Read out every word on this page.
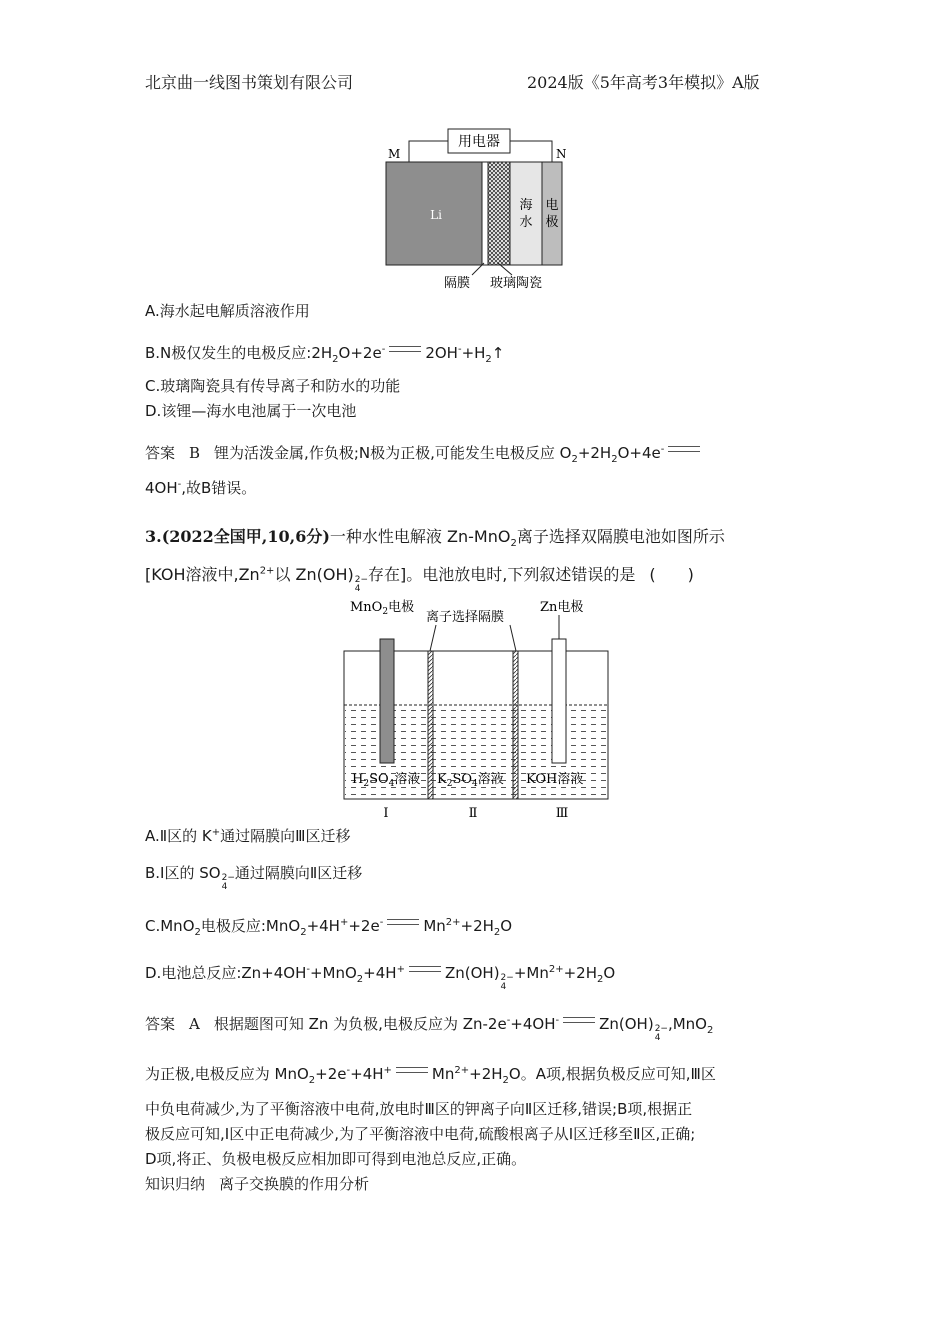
北京曲一线图书策划有限公司	2024版《5年高考3年模拟》A版
用电器
M	N
Li
海
水
电
极
隔膜 玻璃陶瓷
A.海水起电解质溶液作用
B.N极仅发生的电极反应$:2H_2O+2e^-$	$2OH^-+H_2↑$
C.玻璃陶瓷具有传导离子和防水的功能
D.该锂—海水电池属于一次电池
答案 B 锂为活泼金属,作负极;N极为正极,可能发生电极反应 $O_2+2H_2O+4e^-$
4OH-,故B错误。
3.(2022全国甲,10,6分)一种水性电解液 Zn-MnO$_2$离子选择双隔膜电池如图所示
[KOH溶液中$,Zn^{2+}$以 Zn(OH) 2−
4
存在]。电池放电时,下列叙述错误的是 (　　)
MnO$_2$电极
离子选择隔膜
Zn电极
$H_2SO_4$溶液 $K_2SO_4$溶液 KOH溶液
Ⅰ	Ⅱ	Ⅲ
A.Ⅱ区的 K+通过隔膜向Ⅲ区迁移
B.Ⅰ区的 SO 2−
4
通过隔膜向Ⅱ区迁移
C.MnO$_2$电极反应:MnO$_2$+4H++2e-	$Mn^{2+}+2H_2O$
D.电池总反应:Zn+4OH-+MnO$_2$+4H+	Zn(OH) 2−
4
$+Mn^{2+}+2H_2O$
答案 A 根据题图可知 Zn 为负极,电极反应为 Zn-2e-+4OH-	Zn(OH) 2−
4
,MnO$_2$
为正极,电极反应为 MnO$_2$+2e-+4H+	$Mn^{2+}+2H_2O$。A项,根据负极反应可知,Ⅲ区
中负电荷减少,为了平衡溶液中电荷,放电时Ⅲ区的钾离子向Ⅱ区迁移,错误;B项,根据正
极反应可知,Ⅰ区中正电荷减少,为了平衡溶液中电荷,硫酸根离子从Ⅰ区迁移至Ⅱ区,正确;
D项,将正、负极电极反应相加即可得到电池总反应,正确。
知识归纳 离子交换膜的作用分析
